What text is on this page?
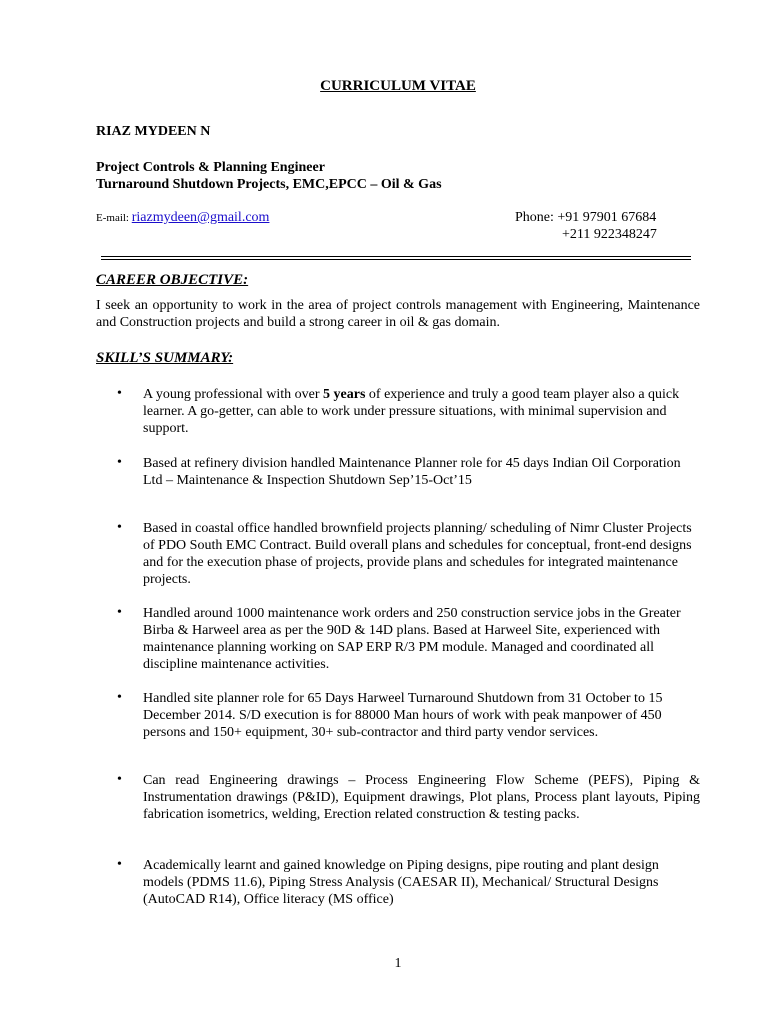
CURRICULUM VITAE
RIAZ MYDEEN N
Project Controls & Planning Engineer
Turnaround Shutdown Projects, EMC,EPCC – Oil & Gas
E-mail: riazmydeen@gmail.com	Phone: +91 97901 67684
+211 922348247
CAREER OBJECTIVE:
I seek an opportunity to work in the area of project controls management with Engineering, Maintenance and Construction projects and build a strong career in oil & gas domain.
SKILL’S SUMMARY:
• A young professional with over 5 years of experience and truly a good team player also a quick learner. A go-getter, can able to work under pressure situations, with minimal supervision and support.
• Based at refinery division handled Maintenance Planner role for 45 days Indian Oil Corporation Ltd – Maintenance & Inspection Shutdown Sep’15-Oct’15
• Based in coastal office handled brownfield projects planning/ scheduling of Nimr Cluster Projects of PDO South EMC Contract. Build overall plans and schedules for conceptual, front-end designs and for the execution phase of projects, provide plans and schedules for integrated maintenance projects.
• Handled around 1000 maintenance work orders and 250 construction service jobs in the Greater Birba & Harweel area as per the 90D & 14D plans. Based at Harweel Site, experienced with maintenance planning working on SAP ERP R/3 PM module. Managed and coordinated all discipline maintenance activities.
• Handled site planner role for 65 Days Harweel Turnaround Shutdown from 31 October to 15 December 2014. S/D execution is for 88000 Man hours of work with peak manpower of 450 persons and 150+ equipment, 30+ sub-contractor and third party vendor services.
• Can read Engineering drawings – Process Engineering Flow Scheme (PEFS), Piping & Instrumentation drawings (P&ID), Equipment drawings, Plot plans, Process plant layouts, Piping fabrication isometrics, welding, Erection related construction & testing packs.
• Academically learnt and gained knowledge on Piping designs, pipe routing and plant design models (PDMS 11.6), Piping Stress Analysis (CAESAR II), Mechanical/ Structural Designs (AutoCAD R14), Office literacy (MS office)
1
